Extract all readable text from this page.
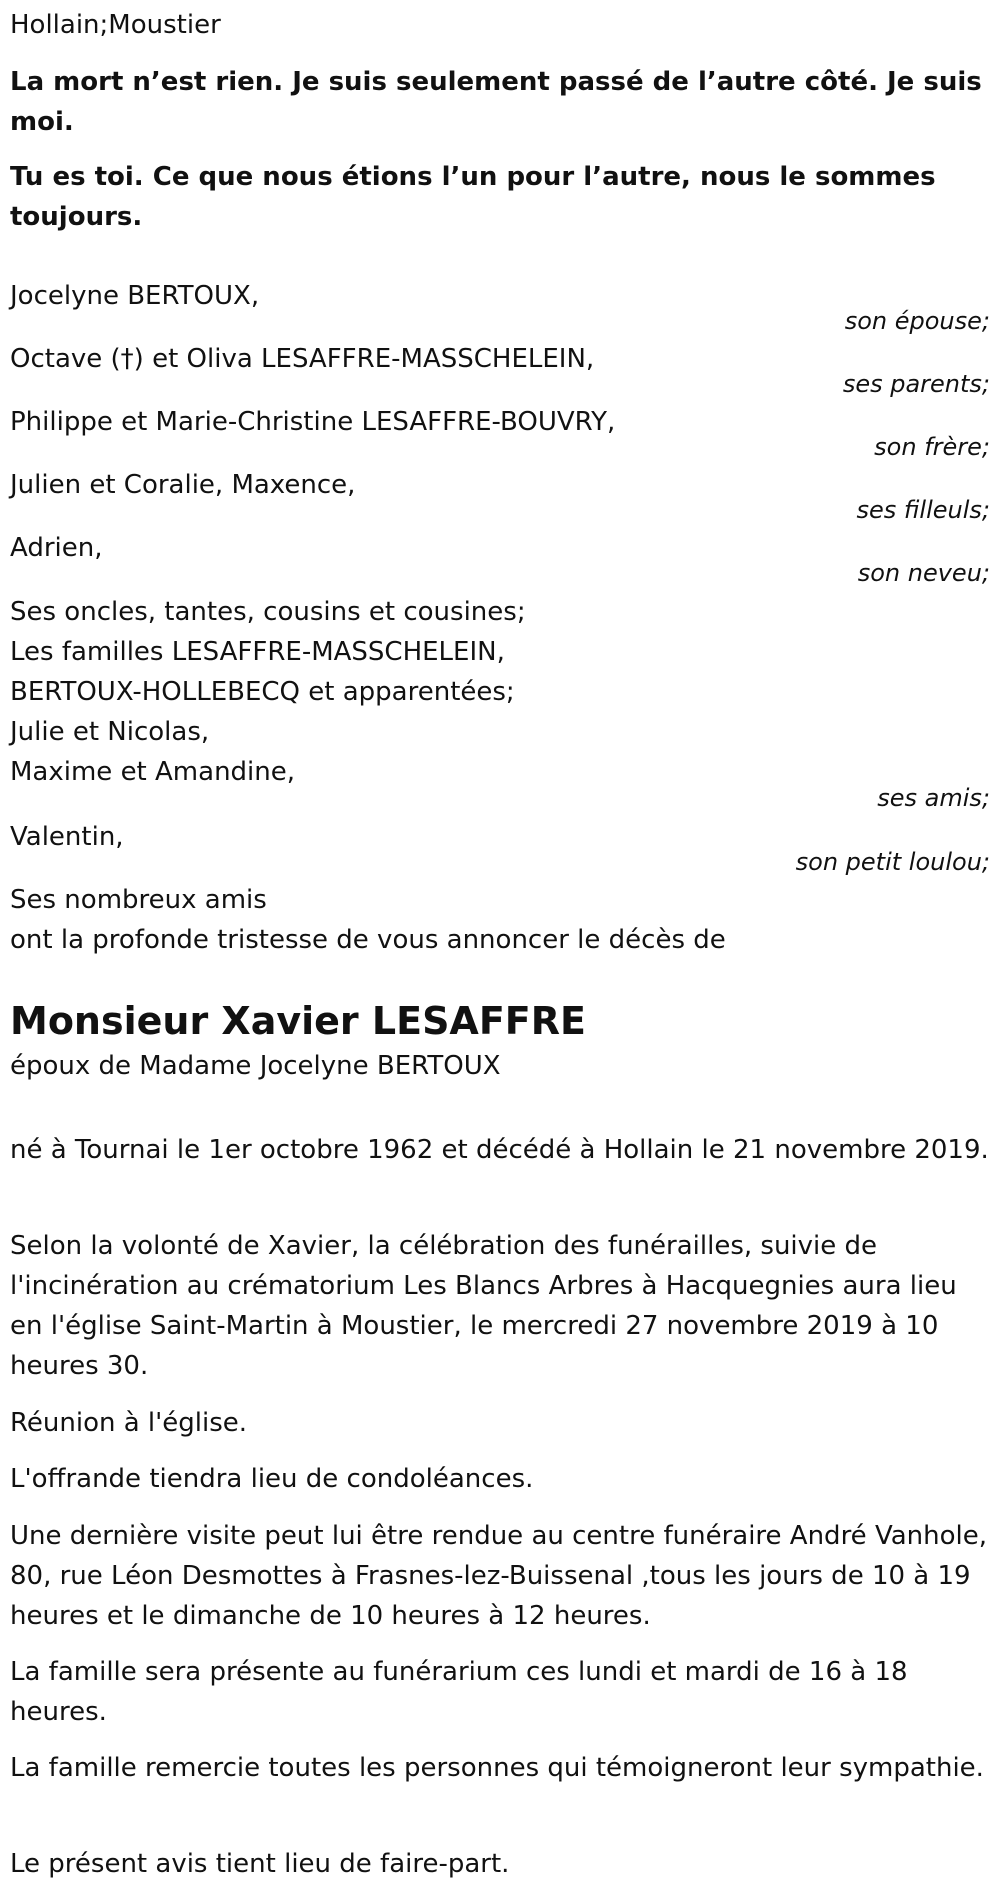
Hollain;Moustier
La mort n’est rien. Je suis seulement passé de l’autre côté. Je suis moi.
Tu es toi. Ce que nous étions l’un pour l’autre, nous le sommes toujours.
Jocelyne BERTOUX,
son épouse;
Octave (†) et Oliva LESAFFRE-MASSCHELEIN,
ses parents;
Philippe et Marie-Christine LESAFFRE-BOUVRY,
son frère;
Julien et Coralie, Maxence,
ses filleuls;
Adrien,
son neveu;
Ses oncles, tantes, cousins et cousines;
Les familles LESAFFRE-MASSCHELEIN,
BERTOUX-HOLLEBECQ et apparentées;
Julie et Nicolas,
Maxime et Amandine,
ses amis;
Valentin,
son petit loulou;
Ses nombreux amis
ont la profonde tristesse de vous annoncer le décès de
Monsieur Xavier LESAFFRE
époux de Madame Jocelyne BERTOUX
né à Tournai le 1er octobre 1962 et décédé à Hollain le 21 novembre 2019.
Selon la volonté de Xavier, la célébration des funérailles, suivie de l'incinération au crématorium Les Blancs Arbres à Hacquegnies aura lieu en l'église Saint-Martin à Moustier, le mercredi 27 novembre 2019 à 10 heures 30.
Réunion à l'église.
L'offrande tiendra lieu de condoléances.
Une dernière visite peut lui être rendue au centre funéraire André Vanhole, 80, rue Léon Desmottes à Frasnes-lez-Buissenal ,tous les jours de 10 à 19 heures et le dimanche de 10 heures à 12 heures.
La famille sera présente au funérarium ces lundi et mardi de 16 à 18 heures.
La famille remercie toutes les personnes qui témoigneront leur sympathie.
Le présent avis tient lieu de faire-part.
